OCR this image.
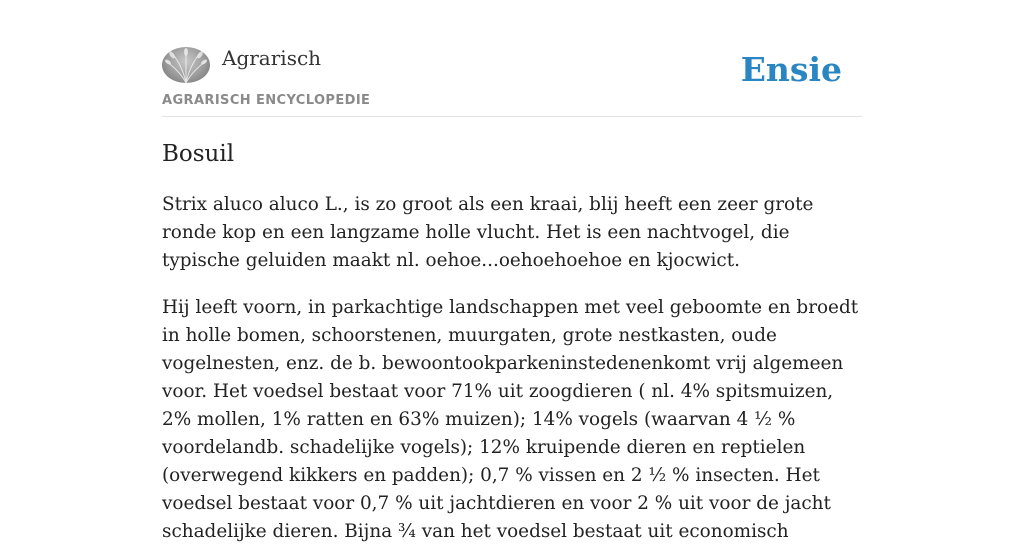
Agrarisch
AGRARISCH ENCYCLOPEDIE
Ensie
Bosuil

Strix aluco aluco L., is zo groot als een kraai, blij heeft een zeer grote ronde kop en een langzame holle vlucht. Het is een nachtvogel, die typische geluiden maakt nl. oehoe...oehoehoehoe en kjocwict.

Hij leeft voorn, in parkachtige landschappen met veel geboomte en broedt in holle bomen, schoorstenen, muurgaten, grote nestkasten, oude vogelnesten, enz. de b. bewoontookparkeninstedenenkomt vrij algemeen voor. Het voedsel bestaat voor 71% uit zoogdieren ( nl. 4% spitsmuizen, 2% mollen, 1% ratten en 63% muizen); 14% vogels (waarvan 4 ½ % voordelandb. schadelijke vogels); 12% kruipende dieren en reptielen (overwegend kikkers en padden); 0,7 % vissen en 2 ½ % insecten. Het voedsel bestaat voor 0,7 % uit jachtdieren en voor 2 % uit voor de jacht schadelijke dieren. Bijna ¾ van het voedsel bestaat uit economisch
